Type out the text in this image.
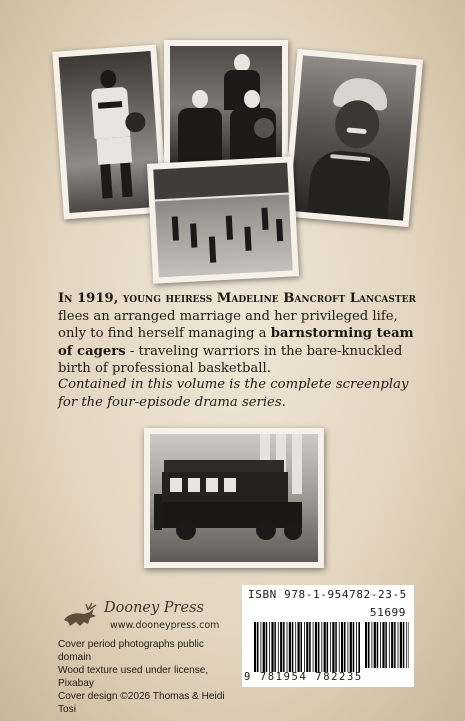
In 1919, young heiress Madeline Bancroft Lancaster flees an arranged marriage and her privileged life, only to find herself managing a barnstorming team of cagers - traveling warriors in the bare-knuckled birth of professional basketball.

Contained in this volume is the complete screenplay for the four-episode drama series.

Dooney Press
www.dooneypress.com
Cover period photographs public domain
Wood texture used under license, Pixabay
Cover design ©2026 Thomas & Heidi Tosi
ISBN 978-1-954782-23-5
51699
9 781954 782235
